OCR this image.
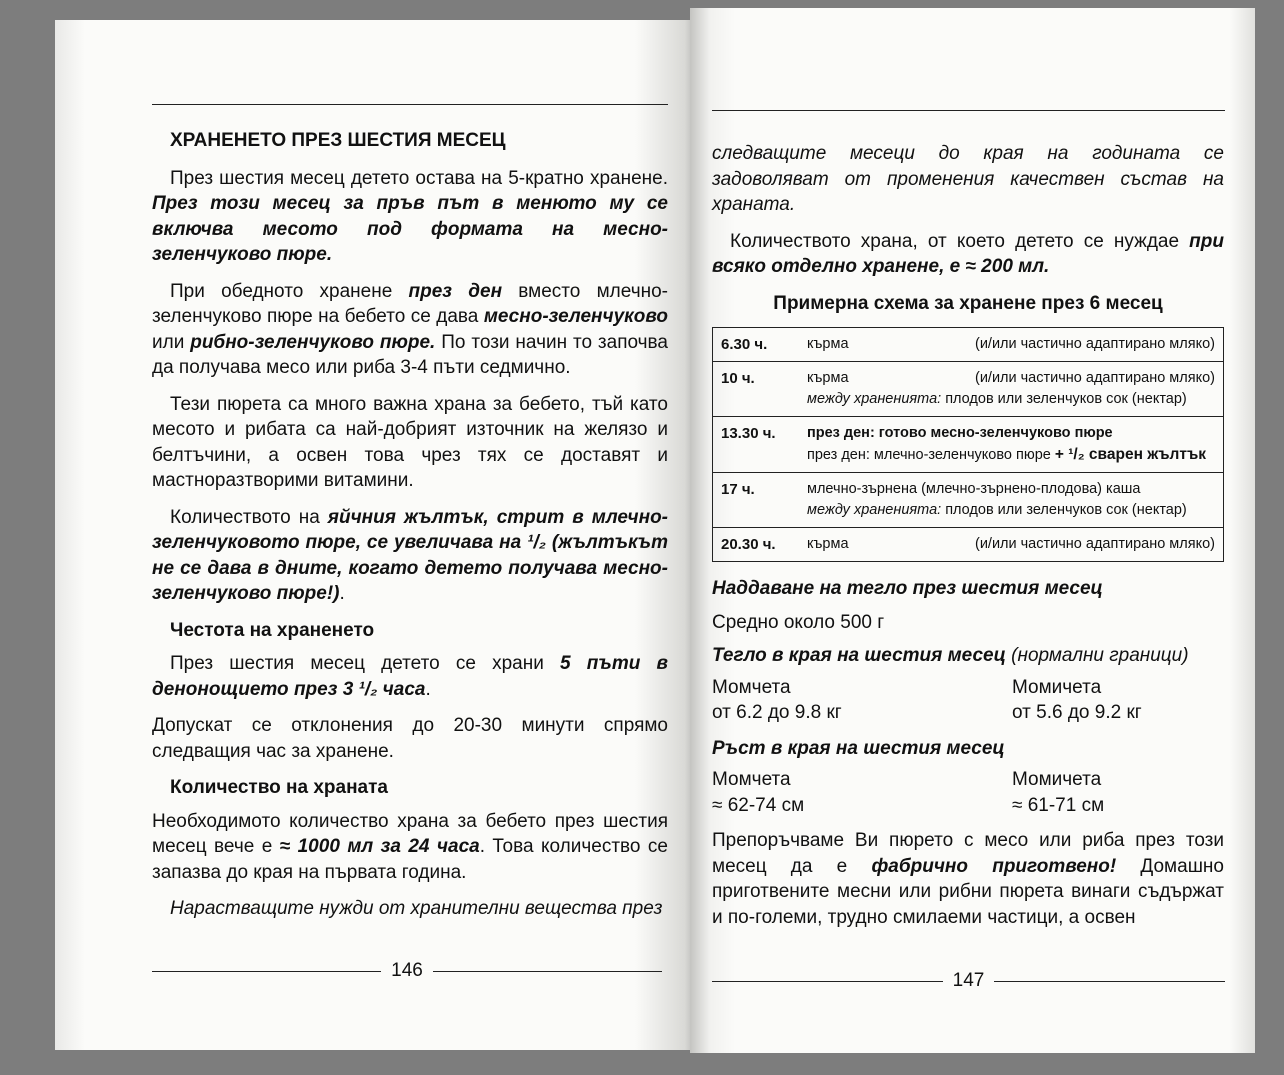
ХРАНЕНЕТО ПРЕЗ ШЕСТИЯ МЕСЕЦ

През шестия месец детето остава на 5-кратно хранене. През този месец за пръв път в менюто му се включва месото под формата на месно-зеленчуково пюре.

При обедното хранене през ден вместо млечно-зеленчуково пюре на бебето се дава месно-зеленчуково или рибно-зеленчуково пюре. По този начин то започва да получава месо или риба 3-4 пъти седмично.

Тези пюрета са много важна храна за бебето, тъй като месото и рибата са най-добрият източник на желязо и белтъчини, а освен това чрез тях се доставят и мастноразтворими витамини.

Количеството на яйчния жълтък, стрит в млечно-зеленчуковото пюре, се увеличава на ¹/₂ (жълтъкът не се дава в дните, когато детето получава месно-зеленчуково пюре!).

Честота на храненето

През шестия месец детето се храни 5 пъти в денонощието през 3 ¹/₂ часа.

Допускат се отклонения до 20-30 минути спрямо следващия час за хранене.

Количество на храната

Необходимото количество храна за бебето през шестия месец вече е ≈ 1000 мл за 24 часа. Това количество се запазва до края на първата година.

Нарастващите нужди от хранителни вещества през

146

следващите месеци до края на годината се задоволяват от променения качествен състав на храната.

Количеството храна, от което детето се нуждае при всяко отделно хранене, е ≈ 200 мл.

Примерна схема за хранене през 6 месец

6.30 ч.	кърма (и/или частично адаптирано мляко)

10 ч.	кърма (и/или частично адаптирано мляко)
между храненията: плодов или зеленчуков сок (нектар)

13.30 ч.	през ден: готово месно-зеленчуково пюре
през ден: млечно-зеленчуково пюре + ¹/₂ сварен жълтък

17 ч.	млечно-зърнена (млечно-зърнено-плодова) каша
между храненията: плодов или зеленчуков сок (нектар)

20.30 ч.	кърма (и/или частично адаптирано мляко)

Наддаване на тегло през шестия месец

Средно около 500 г

Тегло в края на шестия месец (нормални граници)

Момчета
от 6.2 до 9.8 кг
Момичета
от 5.6 до 9.2 кг

Ръст в края на шестия месец

Момчета
≈ 62-74 см
Момичета
≈ 61-71 см

Препоръчваме Ви пюрето с месо или риба през този месец да е фабрично приготвено! Домашно приготвените месни или рибни пюрета винаги съдържат и по-големи, трудно смилаеми частици, а освен

147
